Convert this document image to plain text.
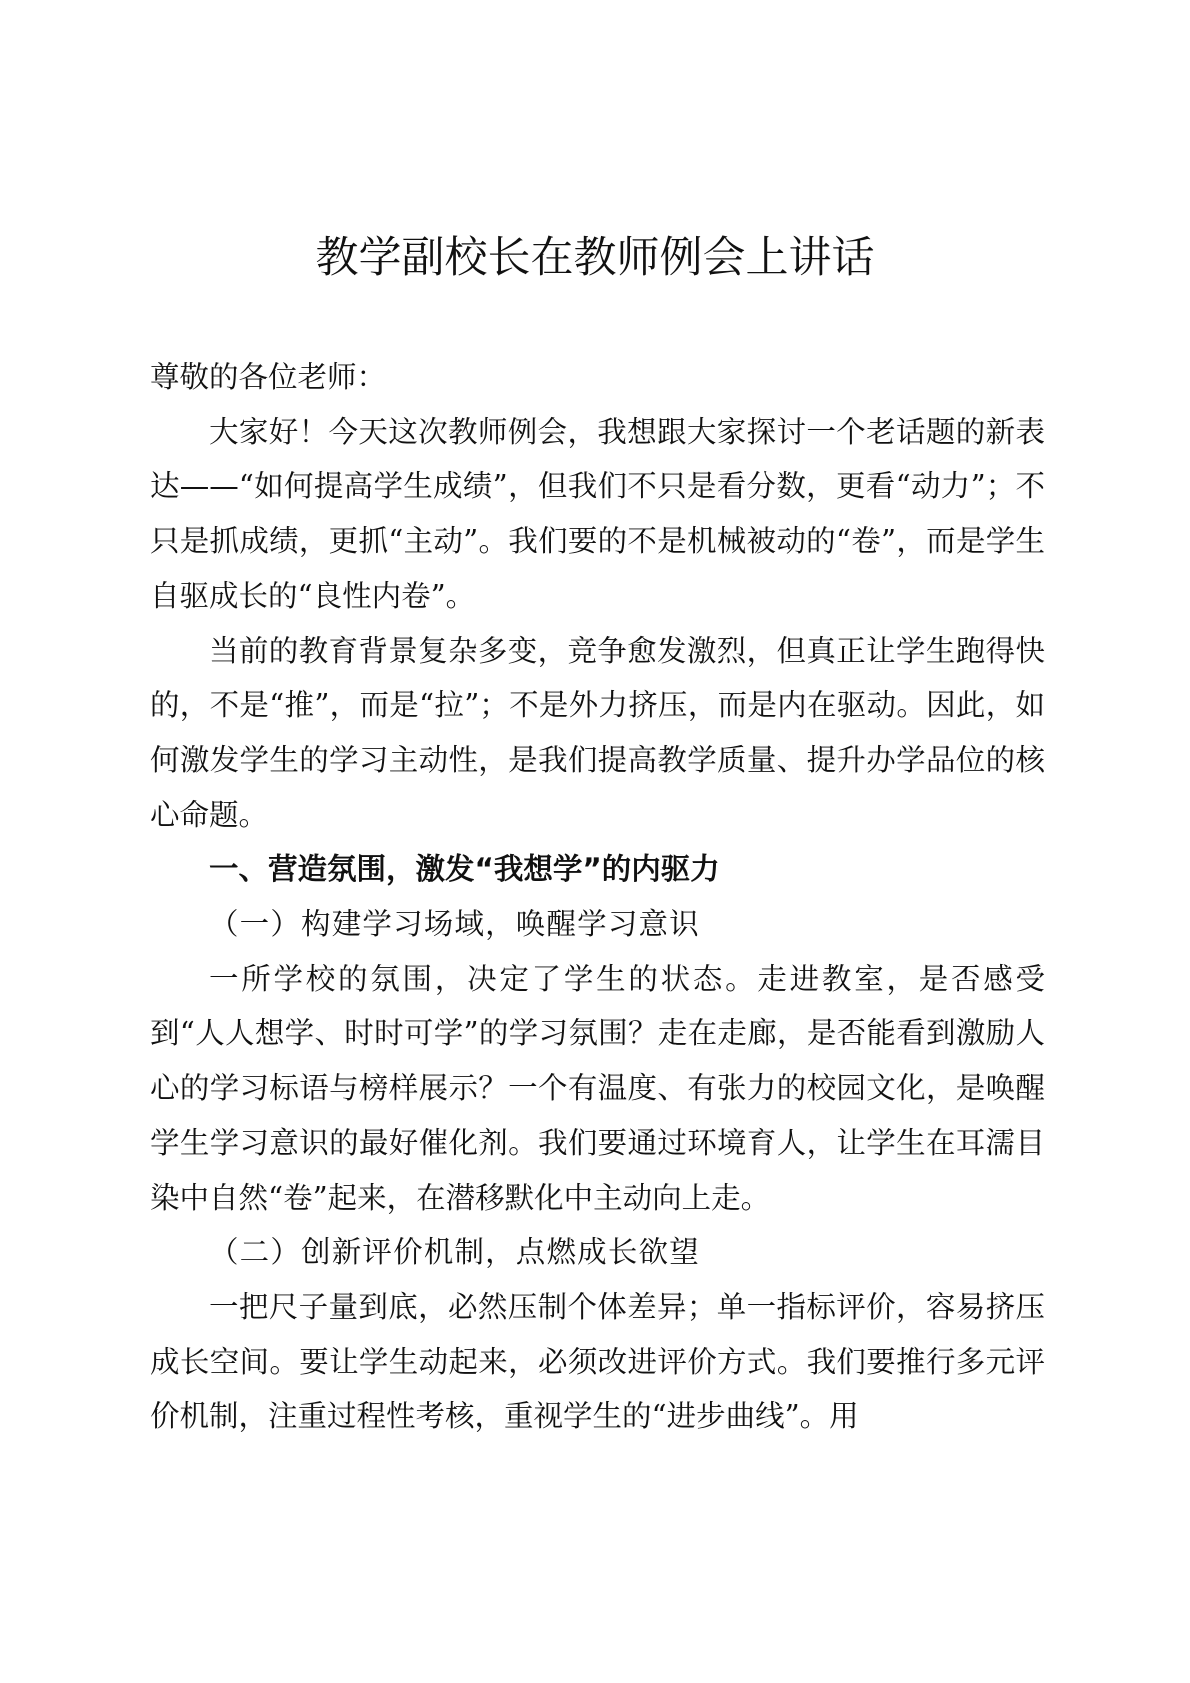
教学副校长在教师例会上讲话

尊敬的各位老师：

大家好！今天这次教师例会，我想跟大家探讨一个老话题的新表达——“如何提高学生成绩”，但我们不只是看分数，更看“动力”；不只是抓成绩，更抓“主动”。我们要的不是机械被动的“卷”，而是学生自驱成长的“良性内卷”。

当前的教育背景复杂多变，竞争愈发激烈，但真正让学生跑得快的，不是“推”，而是“拉”；不是外力挤压，而是内在驱动。因此，如何激发学生的学习主动性，是我们提高教学质量、提升办学品位的核心命题。

一、营造氛围，激发“我想学”的内驱力

（一）构建学习场域，唤醒学习意识

一所学校的氛围，决定了学生的状态。走进教室，是否感受到“人人想学、时时可学”的学习氛围？走在走廊，是否能看到激励人心的学习标语与榜样展示？一个有温度、有张力的校园文化，是唤醒学生学习意识的最好催化剂。我们要通过环境育人，让学生在耳濡目染中自然“卷”起来，在潜移默化中主动向上走。

（二）创新评价机制，点燃成长欲望

一把尺子量到底，必然压制个体差异；单一指标评价，容易挤压成长空间。要让学生动起来，必须改进评价方式。我们要推行多元评价机制，注重过程性考核，重视学生的“进步曲线”。用
